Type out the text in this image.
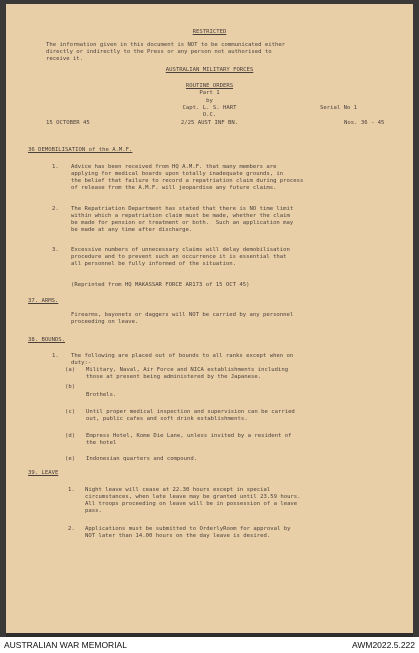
RESTRICTED
The information given in this document is NOT to be communicated either
directly or indirectly to the Press or any person not authorised to
receive it.
AUSTRALIAN MILITARY FORCES
ROUTINE ORDERS
Part 1
by
Capt. L. S. HART	Serial No 1
O.C.
15 OCTOBER 45	2/25 AUST INF BN.	Nos. 36 - 45
36 DEMOBILISATION of the A.M.F.
1. Advice has been received from HQ A.M.F. that many members are
applying for medical boards upon totally inadequate grounds, in
the belief that failure to record a repatriation claim during process
of release from the A.M.F. will jeopardise any future claims.
2. The Repatriation Department has stated that there is NO time limit
within which a repatriation claim must be made, whether the claim
be made for pension or treatment or both.  Such an application may
be made at any time after discharge.
3. Excessive numbers of unnecessary claims will delay demobilisation
procedure and to prevent such an occurrence it is essential that
all personnel be fully informed of the situation.
(Reprinted from HQ MAKASSAR FORCE AR173 of 15 OCT 45)
37. ARMS.
Firearms, bayonets or daggers will NOT be carried by any personnel
proceeding on leave.
38. BOUNDS.
1. The following are placed out of bounds to all ranks except when on
duty:-
(a) Military, Naval, Air Force and NICA establishments including
those at present being administered by the Japanese.
(b)
Brothels.
(c) Until proper medical inspection and supervision can be carried
out, public cafes and soft drink establishments.
(d) Empress Hotel, Kome Die Lane, unless invited by a resident of
the hotel
(e) Indonesian quarters and compound.
39. LEAVE
1. Night leave will cease at 22.30 hours except in special
circumstances, when late leave may be granted until 23.59 hours.
All troops proceeding on leave will be in possession of a leave
pass.
2. Applications must be submitted to OrderlyRoom for approval by
NOT later than 14.00 hours on the day leave is desired.
AUSTRALIAN WAR MEMORIAL	AWM2022.5.222
